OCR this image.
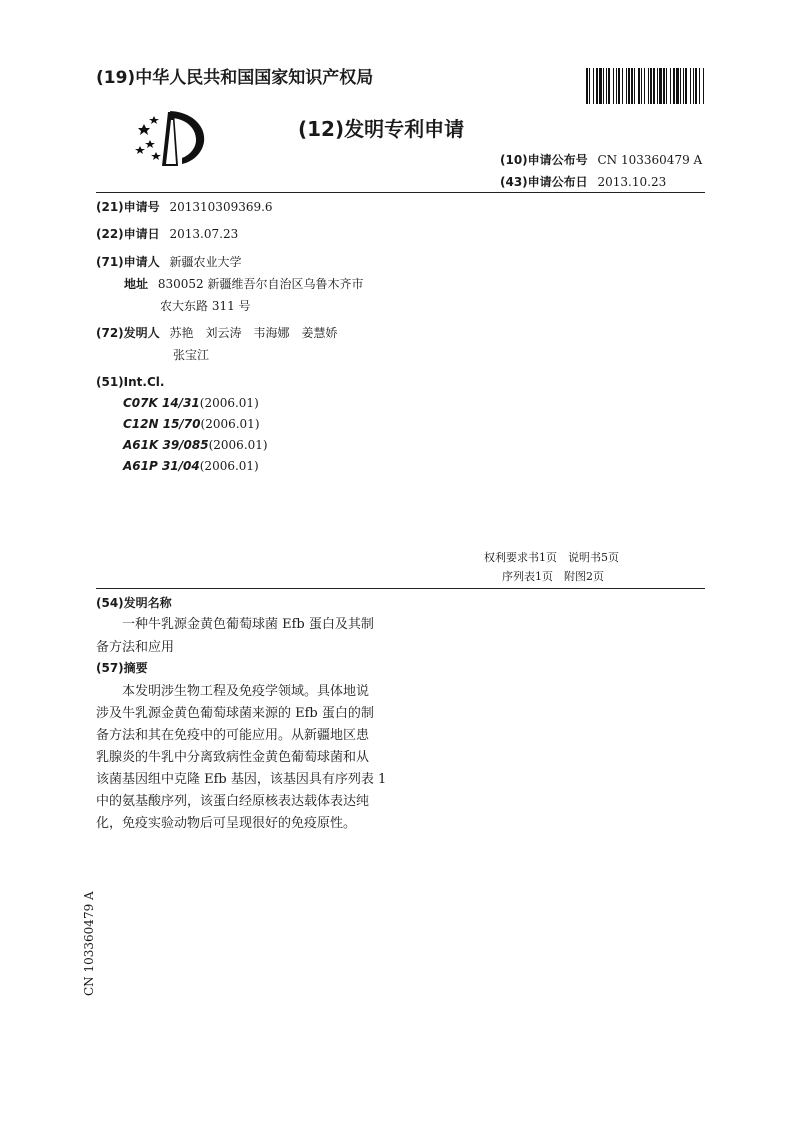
(19)中华人民共和国国家知识产权局
(12)发明专利申请
(10)申请公布号 CN 103360479 A
(43)申请公布日 2013.10.23
(21)申请号 201310309369.6
(22)申请日 2013.07.23
(71)申请人 新疆农业大学
地址 830052 新疆维吾尔自治区乌鲁木齐市
农大东路 311 号
(72)发明人 苏艳　刘云涛　韦海娜　姜慧娇
张宝江
(51)Int.Cl.
C07K 14/31(2006.01)
C12N 15/70(2006.01)
A61K 39/085(2006.01)
A61P 31/04(2006.01)
权利要求书1页　说明书5页
序列表1页　附图2页
(54)发明名称
一种牛乳源金黄色葡萄球菌 Efb 蛋白及其制
备方法和应用
(57)摘要
本发明涉生物工程及免疫学领域。具体地说
涉及牛乳源金黄色葡萄球菌来源的 Efb 蛋白的制
备方法和其在免疫中的可能应用。从新疆地区患
乳腺炎的牛乳中分离致病性金黄色葡萄球菌和从
该菌基因组中克隆 Efb 基因，该基因具有序列表 1
中的氨基酸序列，该蛋白经原核表达载体表达纯
化，免疫实验动物后可呈现很好的免疫原性。
CN 103360479 A
